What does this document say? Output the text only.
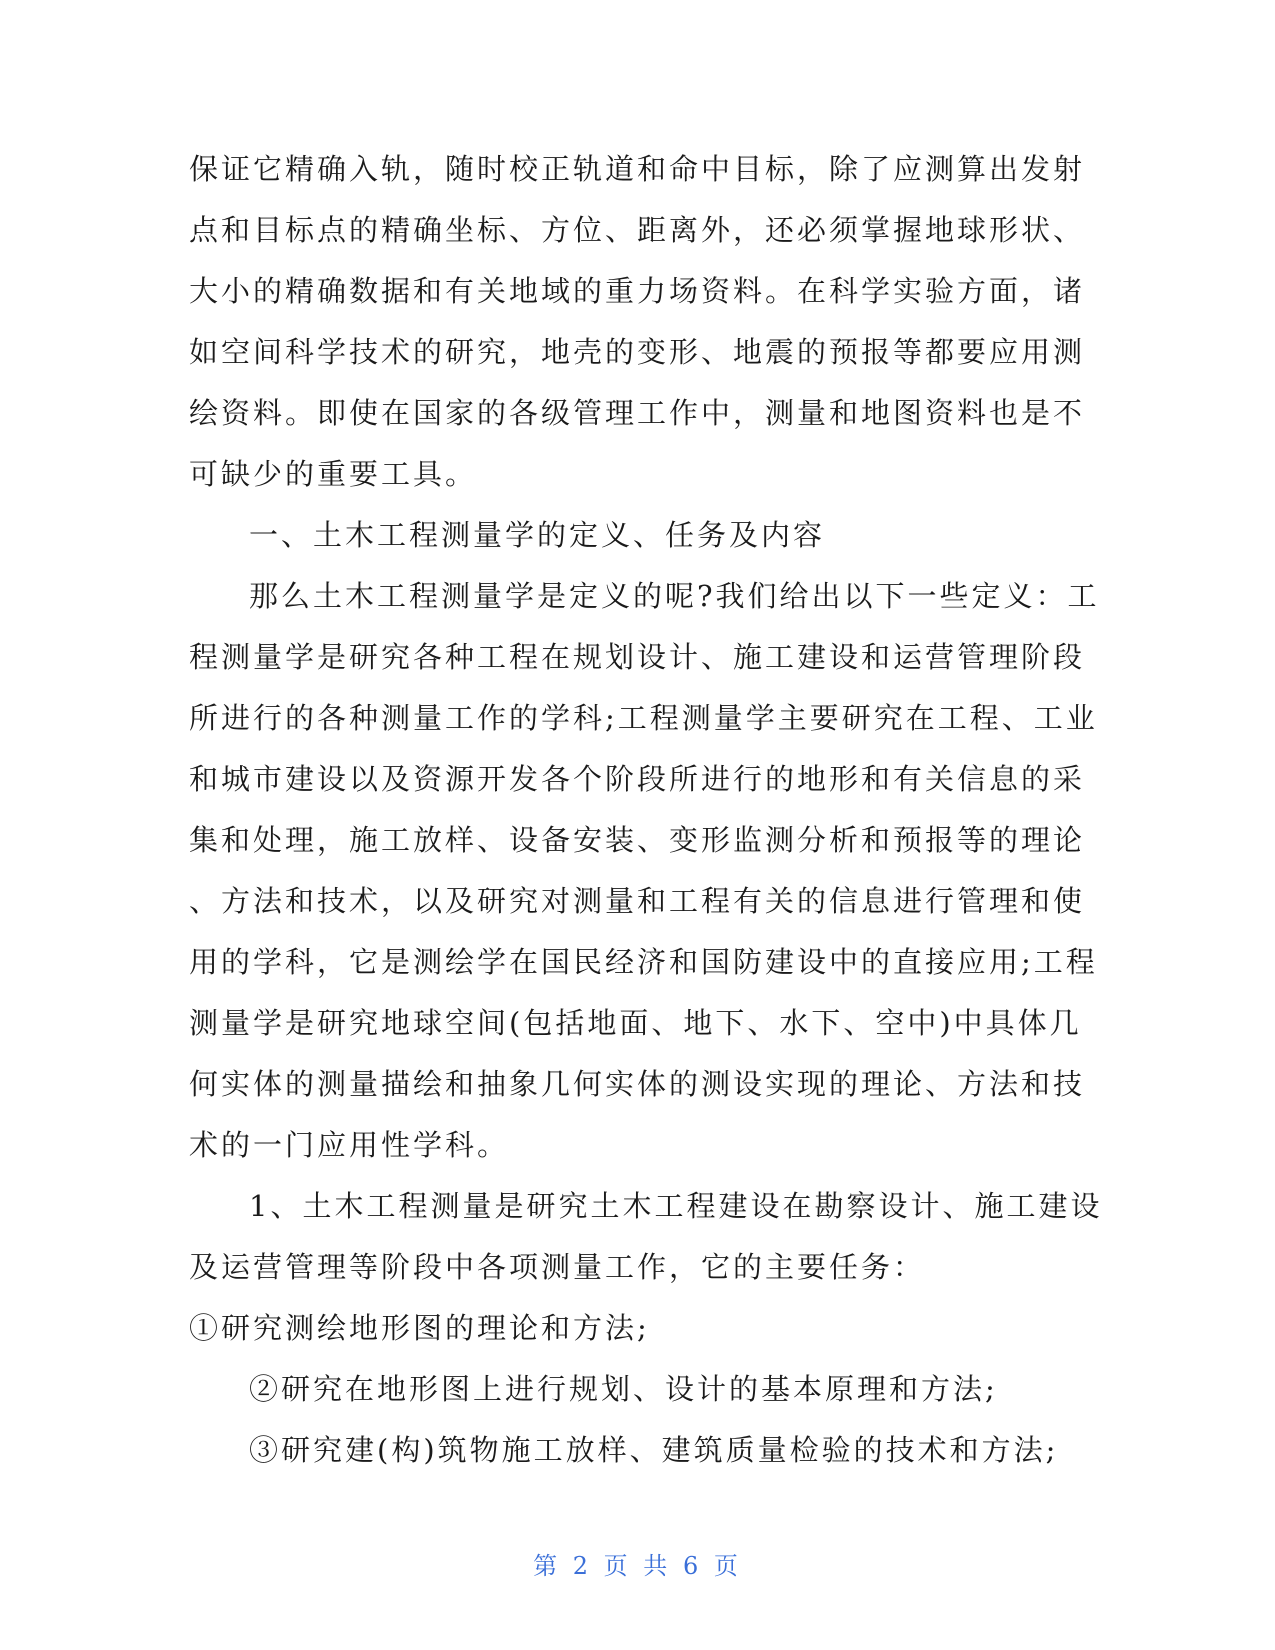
保证它精确入轨，随时校正轨道和命中目标，除了应测算出发射
点和目标点的精确坐标、方位、距离外，还必须掌握地球形状、
大小的精确数据和有关地域的重力场资料。在科学实验方面，诸
如空间科学技术的研究，地壳的变形、地震的预报等都要应用测
绘资料。即使在国家的各级管理工作中，测量和地图资料也是不
可缺少的重要工具。
一、土木工程测量学的定义、任务及内容
那么土木工程测量学是定义的呢?我们给出以下一些定义：工
程测量学是研究各种工程在规划设计、施工建设和运营管理阶段
所进行的各种测量工作的学科;工程测量学主要研究在工程、工业
和城市建设以及资源开发各个阶段所进行的地形和有关信息的采
集和处理，施工放样、设备安装、变形监测分析和预报等的理论
、方法和技术，以及研究对测量和工程有关的信息进行管理和使
用的学科，它是测绘学在国民经济和国防建设中的直接应用;工程
测量学是研究地球空间(包括地面、地下、水下、空中)中具体几
何实体的测量描绘和抽象几何实体的测设实现的理论、方法和技
术的一门应用性学科。
1、土木工程测量是研究土木工程建设在勘察设计、施工建设
及运营管理等阶段中各项测量工作，它的主要任务：
①研究测绘地形图的理论和方法;
②研究在地形图上进行规划、设计的基本原理和方法;
③研究建(构)筑物施工放样、建筑质量检验的技术和方法;
第 2 页 共 6 页
